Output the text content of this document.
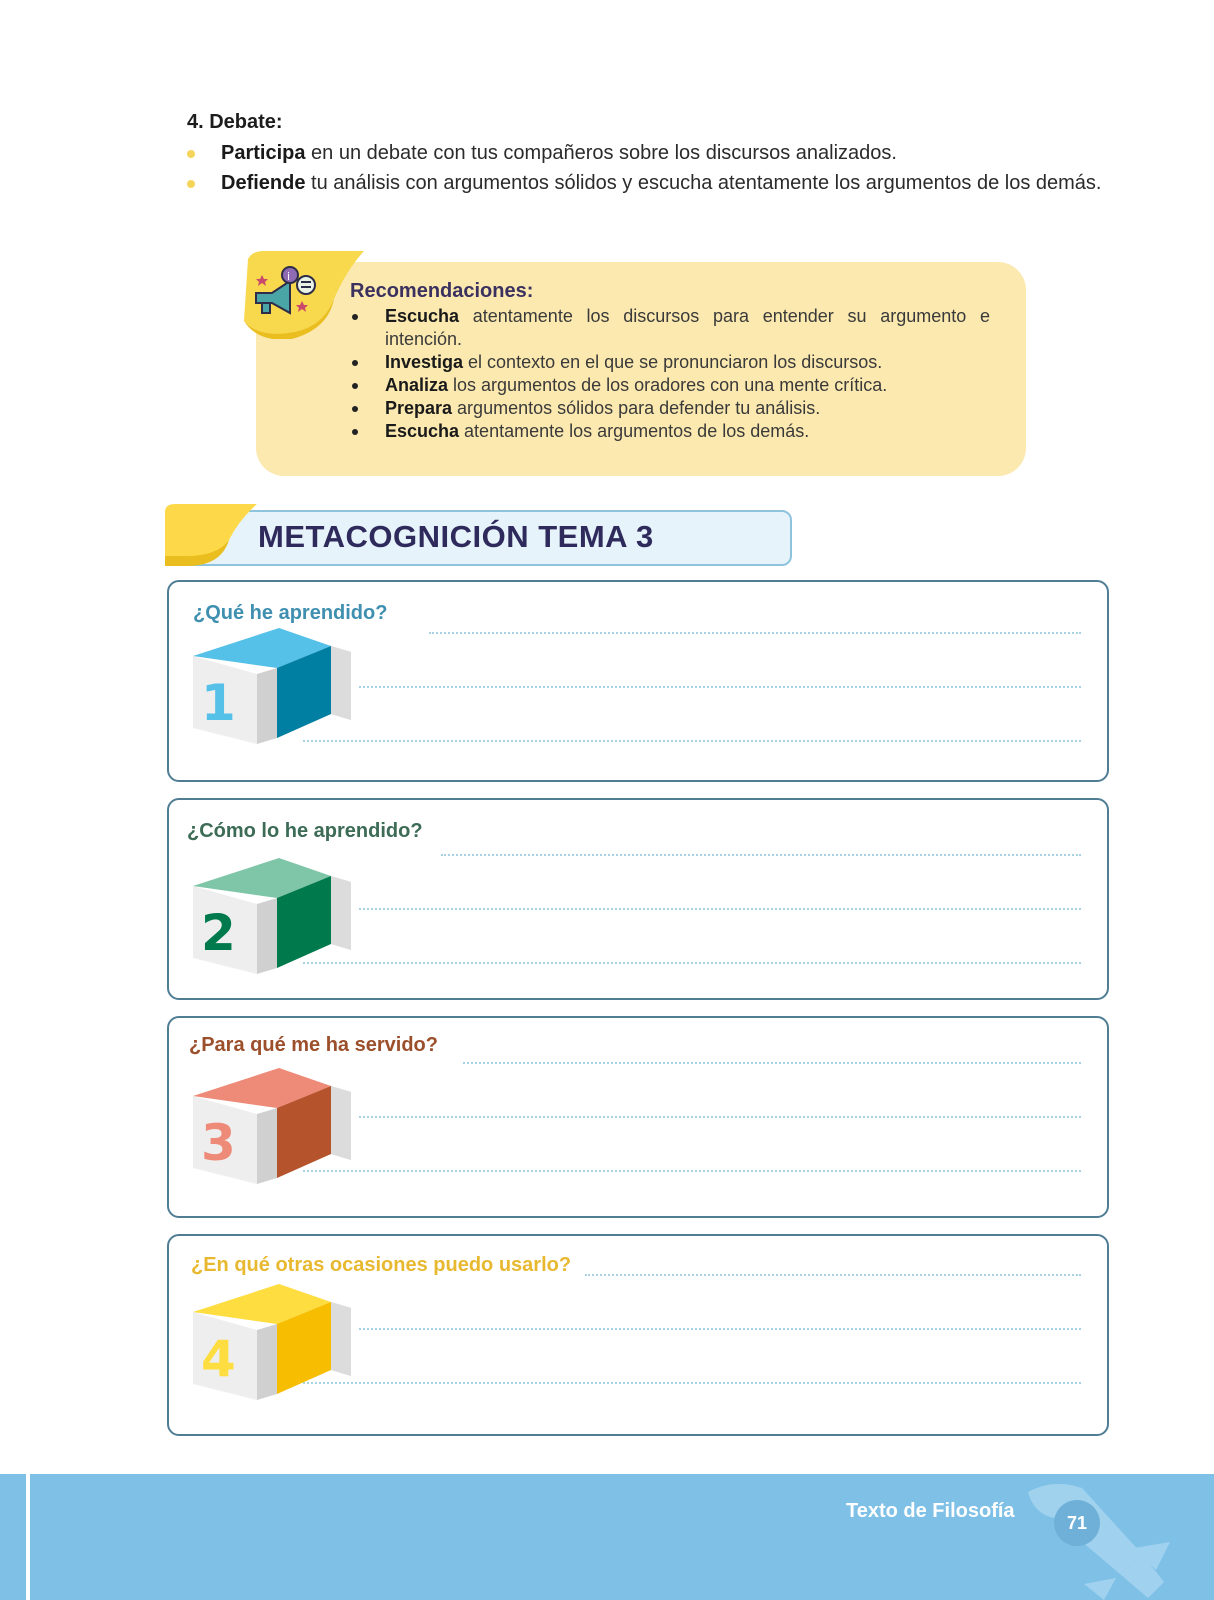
4. Debate:
Participa en un debate con tus compañeros sobre los discursos analizados.
Defiende tu análisis con argumentos sólidos y escucha atentamente los argumentos de los demás.
i
Recomendaciones:
Escucha atentamente los discursos para entender su argumento e intención.
Investiga el contexto en el que se pronunciaron los discursos.
Analiza los argumentos de los oradores con una mente crítica.
Prepara argumentos sólidos para defender tu análisis.
Escucha atentamente los argumentos de los demás.
METACOGNICIÓN TEMA 3
¿Qué he aprendido?
1
¿Cómo lo he aprendido?
2
¿Para qué me ha servido?
3
¿En qué otras ocasiones puedo usarlo?
4
Texto de Filosofía
71
